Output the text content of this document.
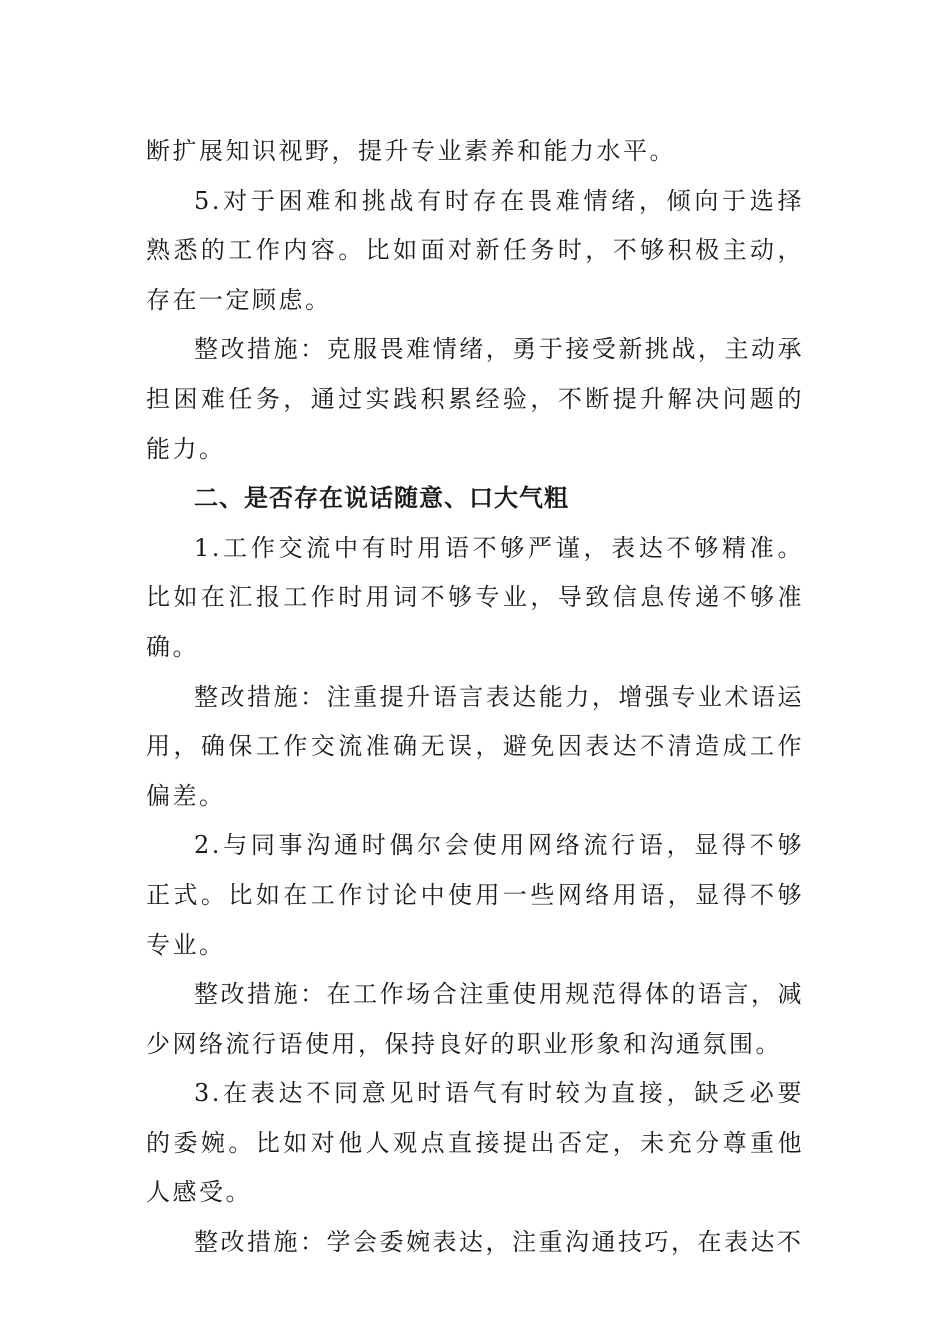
断扩展知识视野，提升专业素养和能力水平。

5.对于困难和挑战有时存在畏难情绪，倾向于选择熟悉的工作内容。比如面对新任务时，不够积极主动，存在一定顾虑。

整改措施：克服畏难情绪，勇于接受新挑战，主动承担困难任务，通过实践积累经验，不断提升解决问题的能力。

二、是否存在说话随意、口大气粗

1.工作交流中有时用语不够严谨，表达不够精准。比如在汇报工作时用词不够专业，导致信息传递不够准确。

整改措施：注重提升语言表达能力，增强专业术语运用，确保工作交流准确无误，避免因表达不清造成工作偏差。

2.与同事沟通时偶尔会使用网络流行语，显得不够正式。比如在工作讨论中使用一些网络用语，显得不够专业。

整改措施：在工作场合注重使用规范得体的语言，减少网络流行语使用，保持良好的职业形象和沟通氛围。

3.在表达不同意见时语气有时较为直接，缺乏必要的委婉。比如对他人观点直接提出否定，未充分尊重他人感受。

整改措施：学会委婉表达，注重沟通技巧，在表达不
